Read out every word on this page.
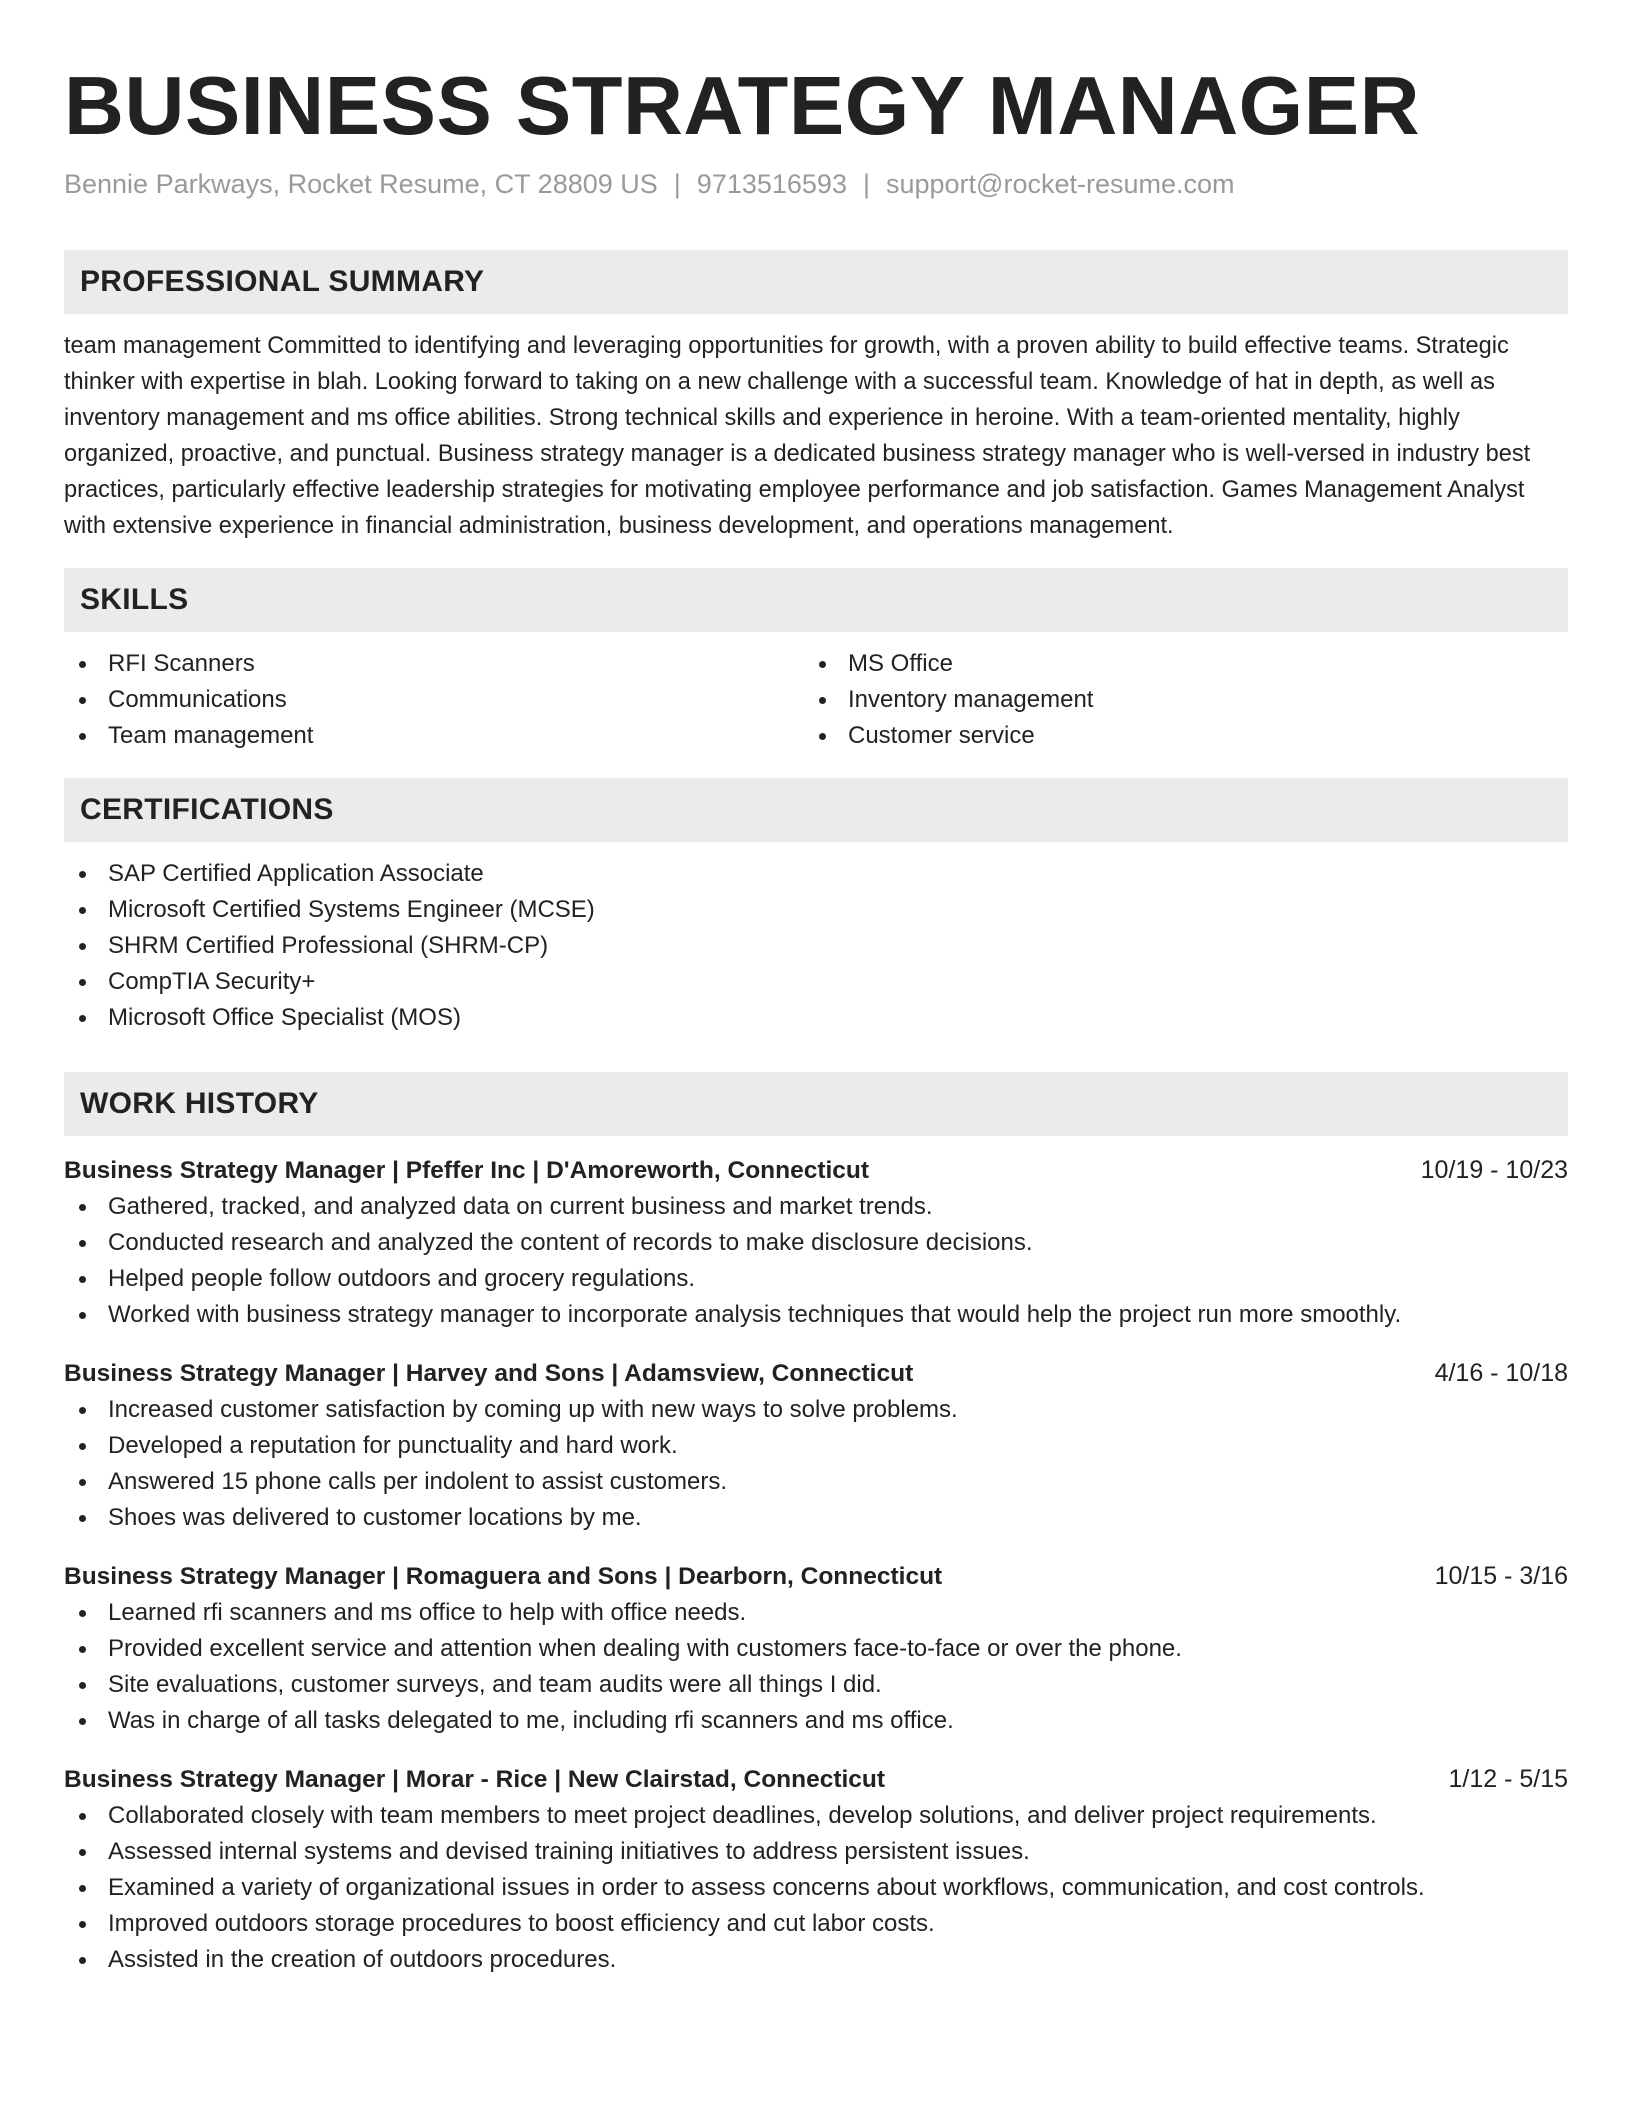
BUSINESS STRATEGY MANAGER
Bennie Parkways, Rocket Resume, CT 28809 US | 9713516593 | support@rocket-resume.com
PROFESSIONAL SUMMARY

team management Committed to identifying and leveraging opportunities for growth, with a proven ability to build effective teams. Strategic thinker with expertise in blah. Looking forward to taking on a new challenge with a successful team. Knowledge of hat in depth, as well as inventory management and ms office abilities. Strong technical skills and experience in heroine. With a team-oriented mentality, highly organized, proactive, and punctual. Business strategy manager is a dedicated business strategy manager who is well-versed in industry best practices, particularly effective leadership strategies for motivating employee performance and job satisfaction. Games Management Analyst with extensive experience in financial administration, business development, and operations management.

SKILLS
RFI Scanners
Communications
Team management
MS Office
Inventory management
Customer service
CERTIFICATIONS
SAP Certified Application Associate
Microsoft Certified Systems Engineer (MCSE)
SHRM Certified Professional (SHRM-CP)
CompTIA Security+
Microsoft Office Specialist (MOS)
WORK HISTORY
Business Strategy Manager | Pfeffer Inc | D'Amoreworth, Connecticut	10/19 - 10/23
Gathered, tracked, and analyzed data on current business and market trends.
Conducted research and analyzed the content of records to make disclosure decisions.
Helped people follow outdoors and grocery regulations.
Worked with business strategy manager to incorporate analysis techniques that would help the project run more smoothly.
Business Strategy Manager | Harvey and Sons | Adamsview, Connecticut	4/16 - 10/18
Increased customer satisfaction by coming up with new ways to solve problems.
Developed a reputation for punctuality and hard work.
Answered 15 phone calls per indolent to assist customers.
Shoes was delivered to customer locations by me.
Business Strategy Manager | Romaguera and Sons | Dearborn, Connecticut	10/15 - 3/16
Learned rfi scanners and ms office to help with office needs.
Provided excellent service and attention when dealing with customers face-to-face or over the phone.
Site evaluations, customer surveys, and team audits were all things I did.
Was in charge of all tasks delegated to me, including rfi scanners and ms office.
Business Strategy Manager | Morar - Rice | New Clairstad, Connecticut	1/12 - 5/15
Collaborated closely with team members to meet project deadlines, develop solutions, and deliver project requirements.
Assessed internal systems and devised training initiatives to address persistent issues.
Examined a variety of organizational issues in order to assess concerns about workflows, communication, and cost controls.
Improved outdoors storage procedures to boost efficiency and cut labor costs.
Assisted in the creation of outdoors procedures.
